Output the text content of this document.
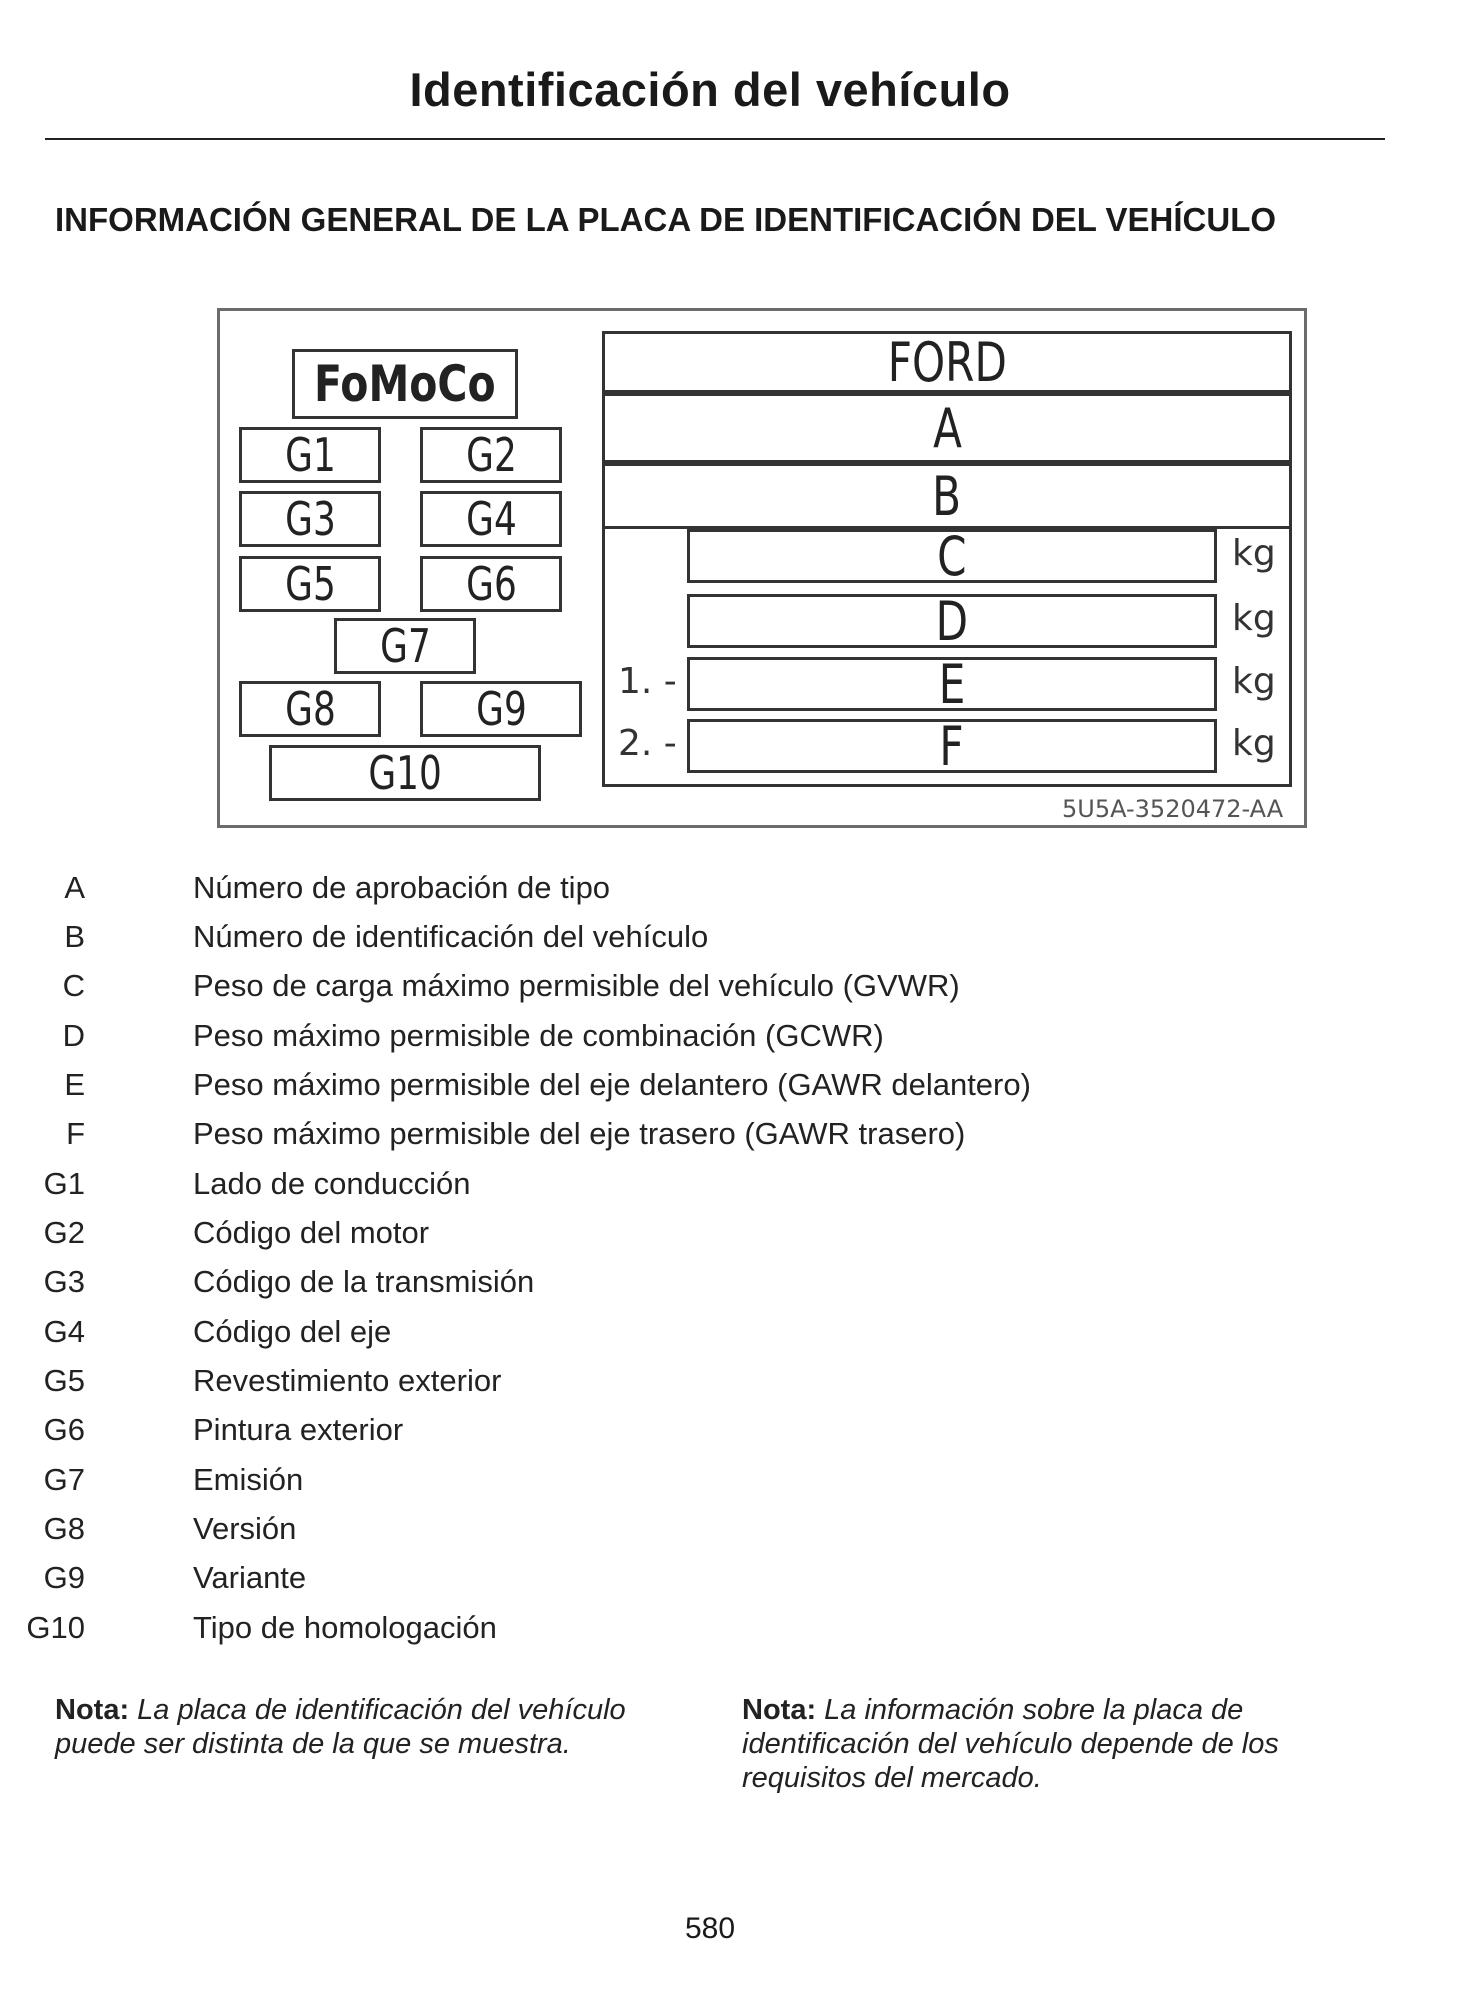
Identificación del vehículo
INFORMACIÓN GENERAL DE LA PLACA DE IDENTIFICACIÓN DEL VEHÍCULO
FoMoCo
G1	G2
G3	G4
G5	G6
G7
G8	G9
G10
FORD
A
B
C	kg
D	kg
1. -	E	kg
2. -	F	kg
5U5A-3520472-AA
A	Número de aprobación de tipo
B	Número de identificación del vehículo
C	Peso de carga máximo permisible del vehículo (GVWR)
D	Peso máximo permisible de combinación (GCWR)
E	Peso máximo permisible del eje delantero (GAWR delantero)
F	Peso máximo permisible del eje trasero (GAWR trasero)
G1	Lado de conducción
G2	Código del motor
G3	Código de la transmisión
G4	Código del eje
G5	Revestimiento exterior
G6	Pintura exterior
G7	Emisión
G8	Versión
G9	Variante
G10	Tipo de homologación
Nota: La placa de identificación del vehículo puede ser distinta de la que se muestra.
Nota: La información sobre la placa de identificación del vehículo depende de los requisitos del mercado.
580
